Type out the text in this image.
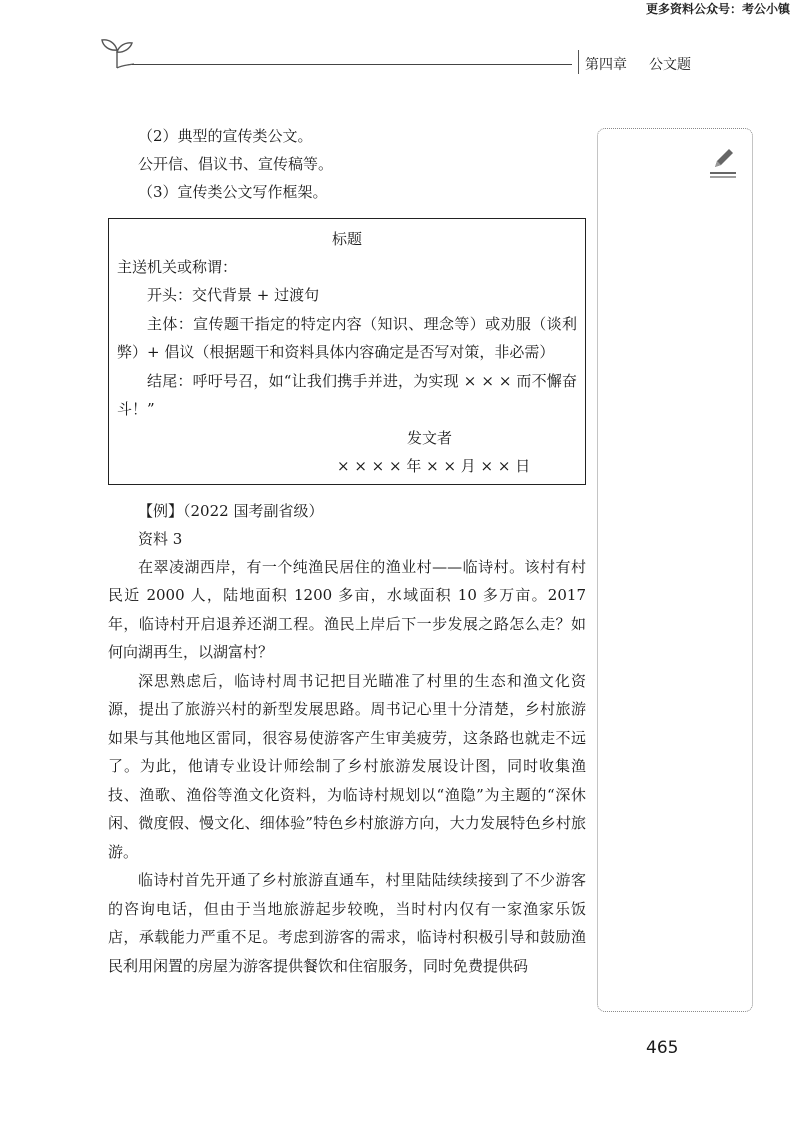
更多资料公众号：考公小镇
第四章 公文题
（2）典型的宣传类公文。
公开信、倡议书、宣传稿等。
（3）宣传类公文写作框架。
标题
主送机关或称谓：
开头：交代背景 + 过渡句
主体：宣传题干指定的特定内容（知识、理念等）或劝服（谈利弊）+ 倡议（根据题干和资料具体内容确定是否写对策，非必需）
结尾：呼吁号召，如“让我们携手并进，为实现 × × × 而不懈奋斗！”
发文者
× × × × 年 × × 月 × × 日
【例】（2022 国考副省级）
资料 3

在翠凌湖西岸，有一个纯渔民居住的渔业村——临诗村。该村有村民近 2000 人，陆地面积 1200 多亩，水域面积 10 多万亩。2017 年，临诗村开启退养还湖工程。渔民上岸后下一步发展之路怎么走？如何向湖再生，以湖富村？

深思熟虑后，临诗村周书记把目光瞄准了村里的生态和渔文化资源，提出了旅游兴村的新型发展思路。周书记心里十分清楚，乡村旅游如果与其他地区雷同，很容易使游客产生审美疲劳，这条路也就走不远了。为此，他请专业设计师绘制了乡村旅游发展设计图，同时收集渔技、渔歌、渔俗等渔文化资料，为临诗村规划以“渔隐”为主题的“深休闲、微度假、慢文化、细体验”特色乡村旅游方向，大力发展特色乡村旅游。

临诗村首先开通了乡村旅游直通车，村里陆陆续续接到了不少游客的咨询电话，但由于当地旅游起步较晚，当时村内仅有一家渔家乐饭店，承载能力严重不足。考虑到游客的需求，临诗村积极引导和鼓励渔民利用闲置的房屋为游客提供餐饮和住宿服务，同时免费提供码

465
